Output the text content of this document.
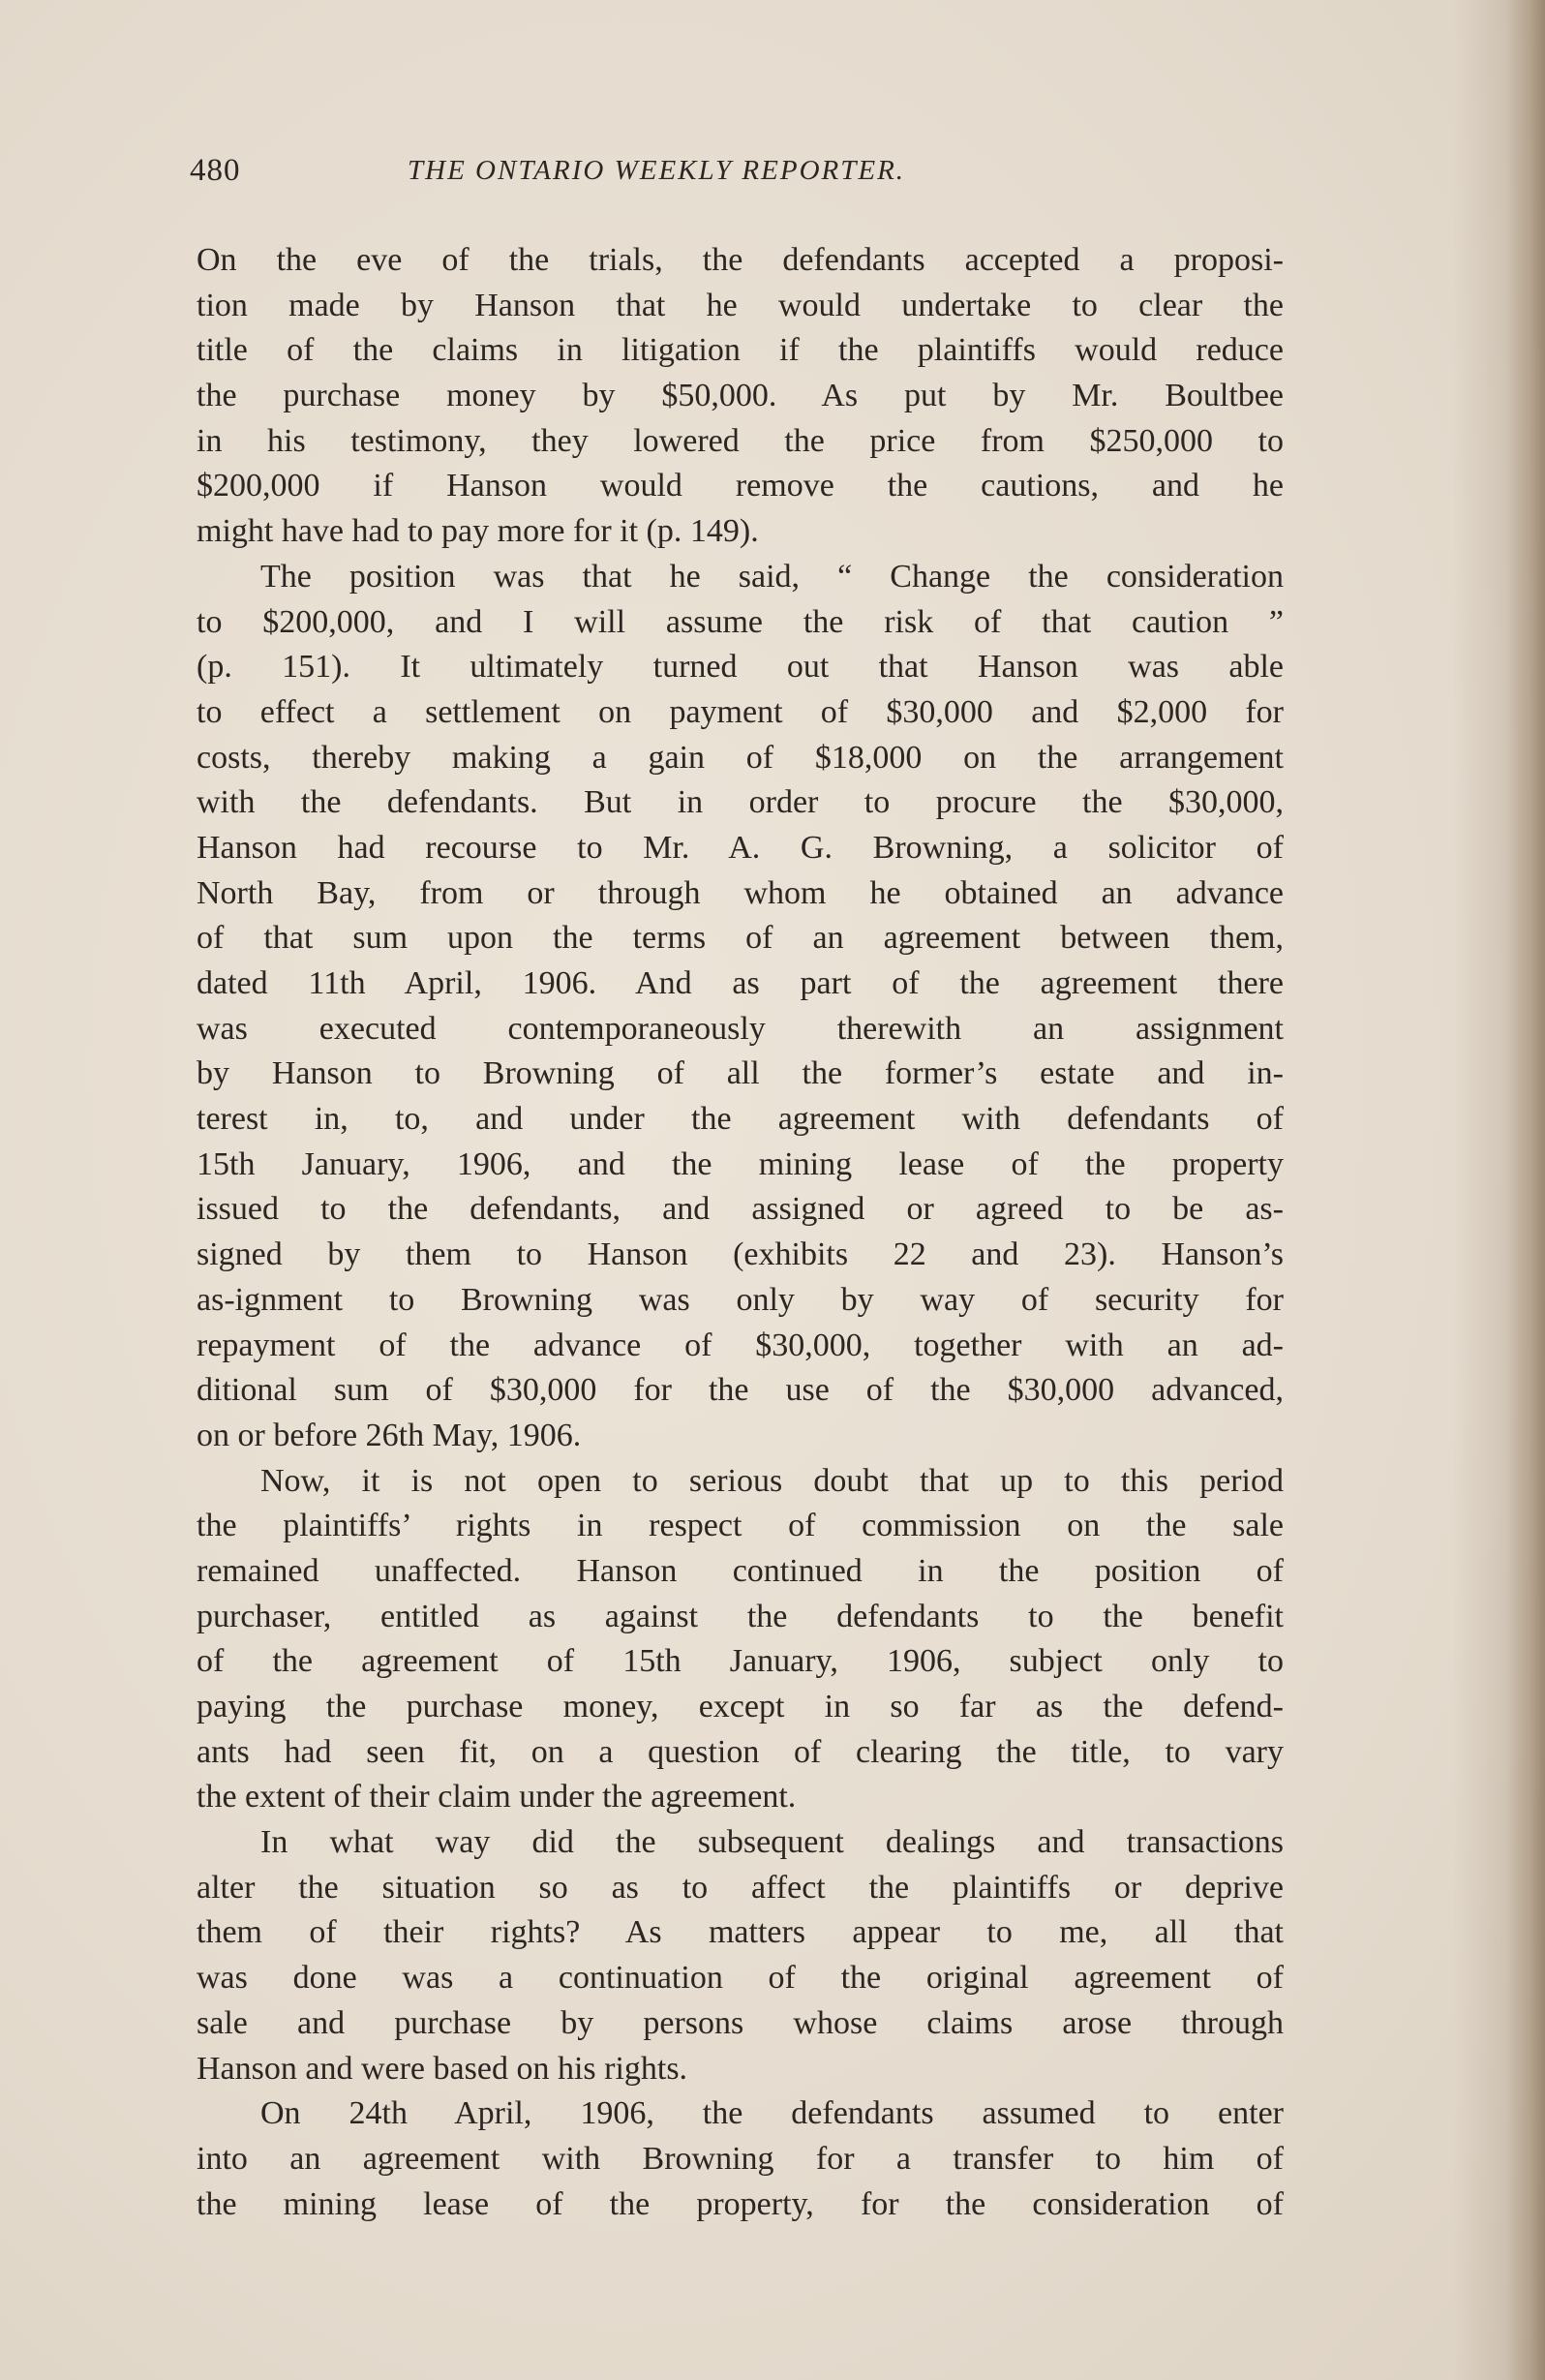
480	THE ONTARIO WEEKLY REPORTER.
On the eve of the trials, the defendants accepted a proposi-
tion made by Hanson that he would undertake to clear the
title of the claims in litigation if the plaintiffs would reduce
the purchase money by $50,000. As put by Mr. Boultbee
in his testimony, they lowered the price from $250,000 to
$200,000 if Hanson would remove the cautions, and he
might have had to pay more for it (p. 149).
The position was that he said, “ Change the consideration
to $200,000, and I will assume the risk of that caution ”
(p. 151). It ultimately turned out that Hanson was able
to effect a settlement on payment of $30,000 and $2,000 for
costs, thereby making a gain of $18,000 on the arrangement
with the defendants. But in order to procure the $30,000,
Hanson had recourse to Mr. A. G. Browning, a solicitor of
North Bay, from or through whom he obtained an advance
of that sum upon the terms of an agreement between them,
dated 11th April, 1906. And as part of the agreement there
was executed contemporaneously therewith an assignment
by Hanson to Browning of all the former’s estate and in-
terest in, to, and under the agreement with defendants of
15th January, 1906, and the mining lease of the property
issued to the defendants, and assigned or agreed to be as-
signed by them to Hanson (exhibits 22 and 23). Hanson’s
as-ignment to Browning was only by way of security for
repayment of the advance of $30,000, together with an ad-
ditional sum of $30,000 for the use of the $30,000 advanced,
on or before 26th May, 1906.
Now, it is not open to serious doubt that up to this period
the plaintiffs’ rights in respect of commission on the sale
remained unaffected. Hanson continued in the position of
purchaser, entitled as against the defendants to the benefit
of the agreement of 15th January, 1906, subject only to
paying the purchase money, except in so far as the defend-
ants had seen fit, on a question of clearing the title, to vary
the extent of their claim under the agreement.
In what way did the subsequent dealings and transactions
alter the situation so as to affect the plaintiffs or deprive
them of their rights? As matters appear to me, all that
was done was a continuation of the original agreement of
sale and purchase by persons whose claims arose through
Hanson and were based on his rights.
On 24th April, 1906, the defendants assumed to enter
into an agreement with Browning for a transfer to him of
the mining lease of the property, for the consideration of
